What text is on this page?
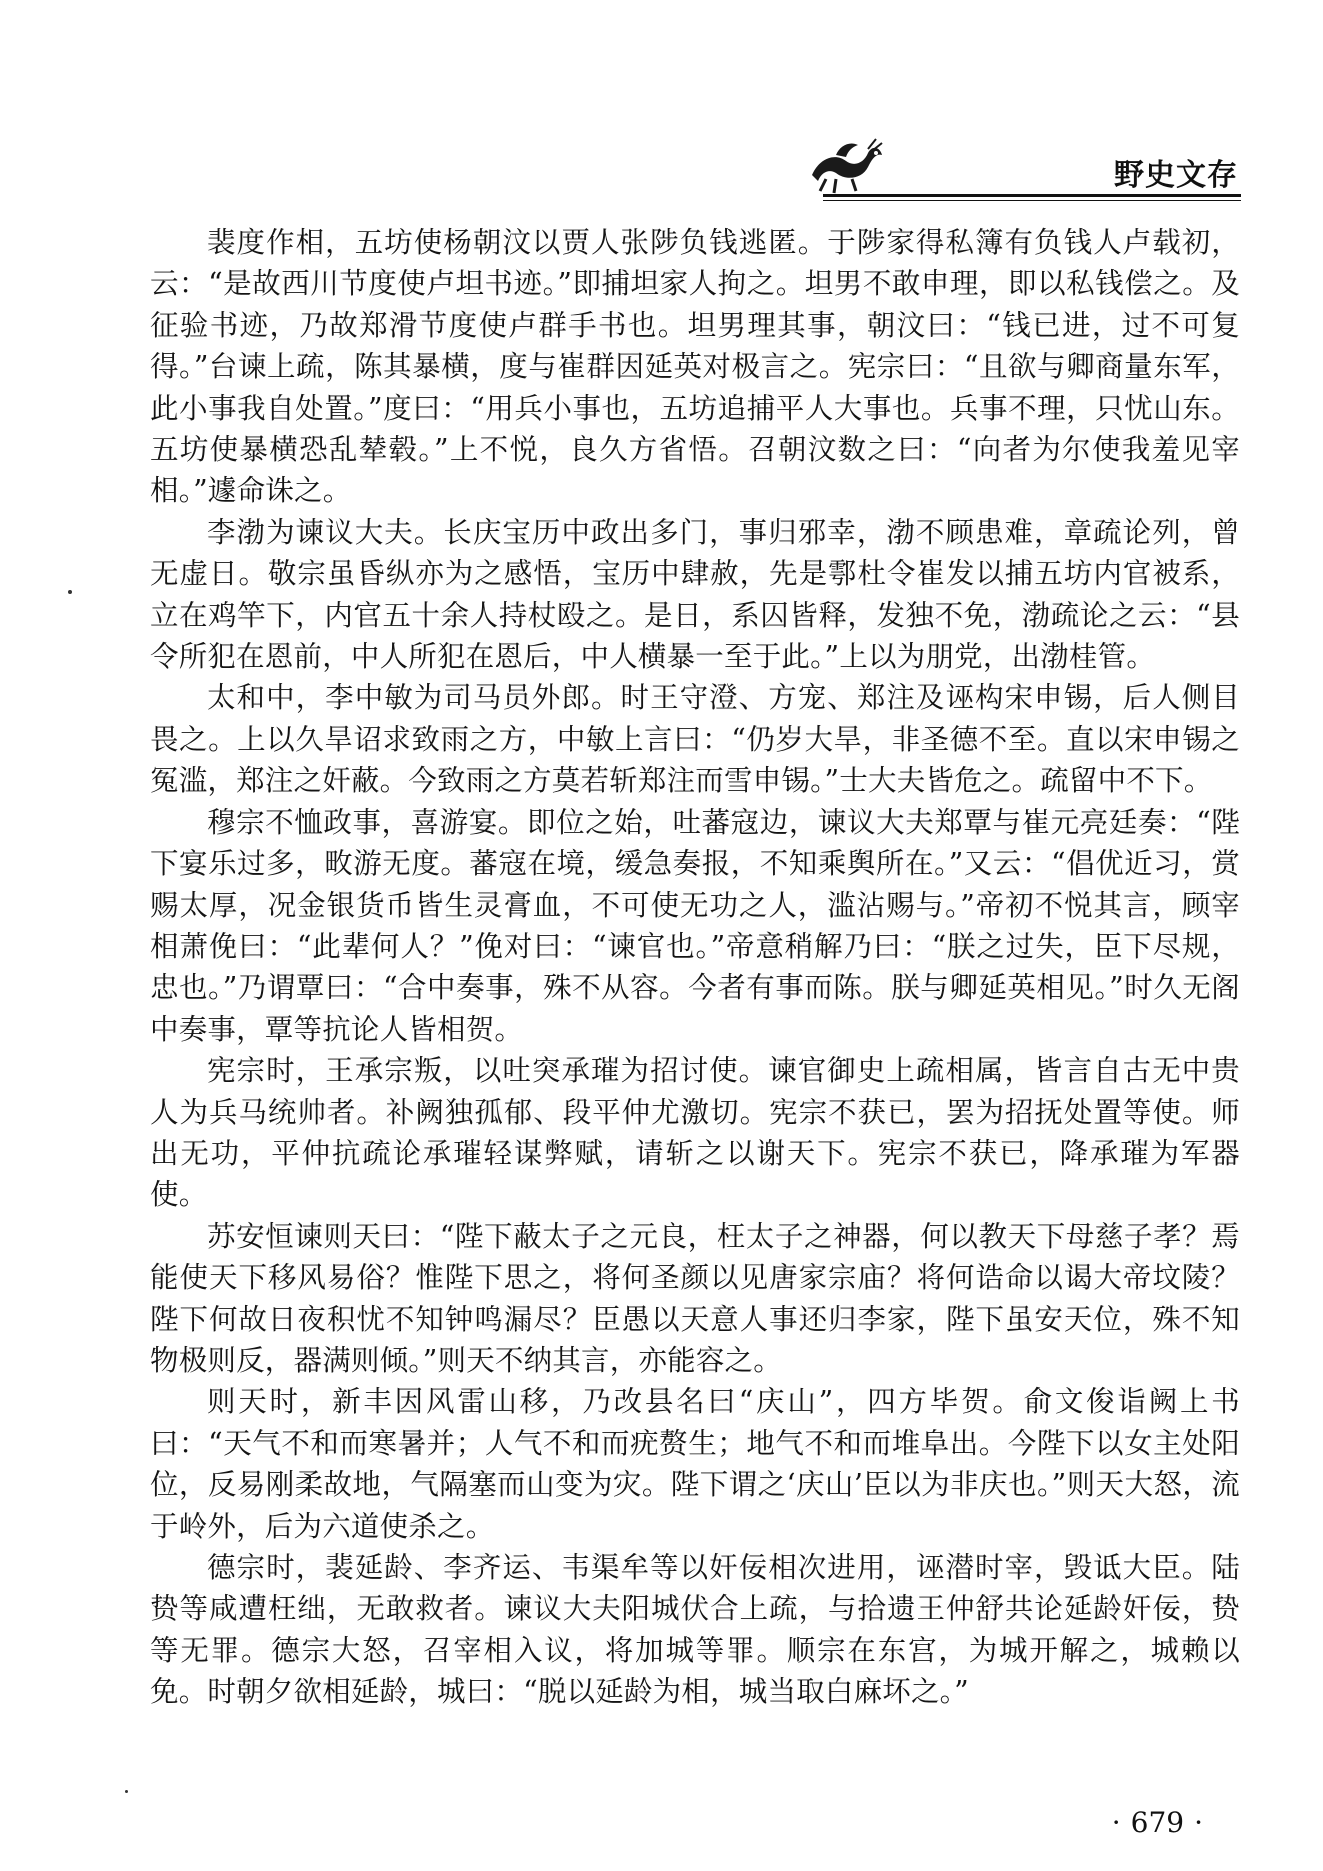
野史文存

裴度作相，五坊使杨朝汶以贾人张陟负钱逃匿。于陟家得私簿有负钱人卢载初，云：“是故西川节度使卢坦书迹。”即捕坦家人拘之。坦男不敢申理，即以私钱偿之。及征验书迹，乃故郑滑节度使卢群手书也。坦男理其事，朝汶曰：“钱已进，过不可复得。”台谏上疏，陈其暴横，度与崔群因延英对极言之。宪宗曰：“且欲与卿商量东军，此小事我自处置。”度曰：“用兵小事也，五坊追捕平人大事也。兵事不理，只忧山东。五坊使暴横恐乱辇毂。”上不悦，良久方省悟。召朝汶数之曰：“向者为尔使我羞见宰相。”遽命诛之。

李渤为谏议大夫。长庆宝历中政出多门，事归邪幸，渤不顾患难，章疏论列，曾无虚日。敬宗虽昏纵亦为之感悟，宝历中肆赦，先是鄠杜令崔发以捕五坊内官被系，立在鸡竿下，内官五十余人持杖殴之。是日，系囚皆释，发独不免，渤疏论之云：“县令所犯在恩前，中人所犯在恩后，中人横暴一至于此。”上以为朋党，出渤桂管。

太和中，李中敏为司马员外郎。时王守澄、方宠、郑注及诬构宋申锡，后人侧目畏之。上以久旱诏求致雨之方，中敏上言曰：“仍岁大旱，非圣德不至。直以宋申锡之冤滥，郑注之奸蔽。今致雨之方莫若斩郑注而雪申锡。”士大夫皆危之。疏留中不下。

穆宗不恤政事，喜游宴。即位之始，吐蕃寇边，谏议大夫郑覃与崔元亮廷奏：“陛下宴乐过多，畋游无度。蕃寇在境，缓急奏报，不知乘舆所在。”又云：“倡优近习，赏赐太厚，况金银货币皆生灵膏血，不可使无功之人，滥沾赐与。”帝初不悦其言，顾宰相萧俛曰：“此辈何人？”俛对曰：“谏官也。”帝意稍解乃曰：“朕之过失，臣下尽规，忠也。”乃谓覃曰：“合中奏事，殊不从容。今者有事而陈。朕与卿延英相见。”时久无阁中奏事，覃等抗论人皆相贺。

宪宗时，王承宗叛，以吐突承璀为招讨使。谏官御史上疏相属，皆言自古无中贵人为兵马统帅者。补阙独孤郁、段平仲尤激切。宪宗不获已，罢为招抚处置等使。师出无功，平仲抗疏论承璀轻谋弊赋，请斩之以谢天下。宪宗不获已，降承璀为军器使。

苏安恒谏则天曰：“陛下蔽太子之元良，枉太子之神器，何以教天下母慈子孝？焉能使天下移风易俗？惟陛下思之，将何圣颜以见唐家宗庙？将何诰命以谒大帝坟陵？陛下何故日夜积忧不知钟鸣漏尽？臣愚以天意人事还归李家，陛下虽安天位，殊不知物极则反，器满则倾。”则天不纳其言，亦能容之。

则天时，新丰因风雷山移，乃改县名曰“庆山”，四方毕贺。俞文俊诣阙上书曰：“天气不和而寒暑并；人气不和而疣赘生；地气不和而堆阜出。今陛下以女主处阳位，反易刚柔故地，气隔塞而山变为灾。陛下谓之‘庆山’臣以为非庆也。”则天大怒，流于岭外，后为六道使杀之。

德宗时，裴延龄、李齐运、韦渠牟等以奸佞相次进用，诬潜时宰，毁诋大臣。陆贽等咸遭枉绌，无敢救者。谏议大夫阳城伏合上疏，与拾遗王仲舒共论延龄奸佞，贽等无罪。德宗大怒，召宰相入议，将加城等罪。顺宗在东宫，为城开解之，城赖以免。时朝夕欲相延龄，城曰：“脱以延龄为相，城当取白麻坏之。”

· 679 ·
